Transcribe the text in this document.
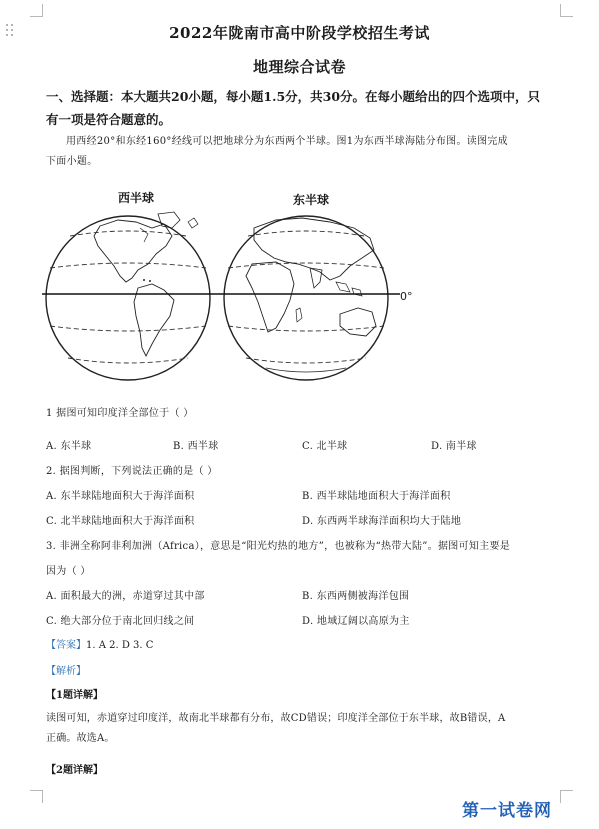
2022年陇南市高中阶段学校招生考试
地理综合试卷
一、选择题：本大题共20小题，每小题1.5分，共30分。在每小题给出的四个选项中，只
有一项是符合题意的。
用西经20°和东经160°经线可以把地球分为东西两个半球。图1为东西半球海陆分布图。读图完成
下面小题。
西半球	东半球
0°
1 据图可知印度洋全部位于（ ）
A. 东半球	B. 西半球	C. 北半球	D. 南半球
2. 据图判断，下列说法正确的是（ ）
A. 东半球陆地面积大于海洋面积	B. 西半球陆地面积大于海洋面积
C. 北半球陆地面积大于海洋面积	D. 东西两半球海洋面积均大于陆地
3. 非洲全称阿非利加洲（Africa），意思是“阳光灼热的地方”，也被称为“热带大陆”。据图可知主要是
因为（ ）
A. 面积最大的洲，赤道穿过其中部	B. 东西两侧被海洋包围
C. 绝大部分位于南北回归线之间	D. 地域辽阔以高原为主
【答案】1. A 2. D 3. C
【解析】
【1题详解】
读图可知，赤道穿过印度洋，故南北半球都有分布，故CD错误；印度洋全部位于东半球，故B错误，A
正确。故选A。
【2题详解】
第一试卷网
